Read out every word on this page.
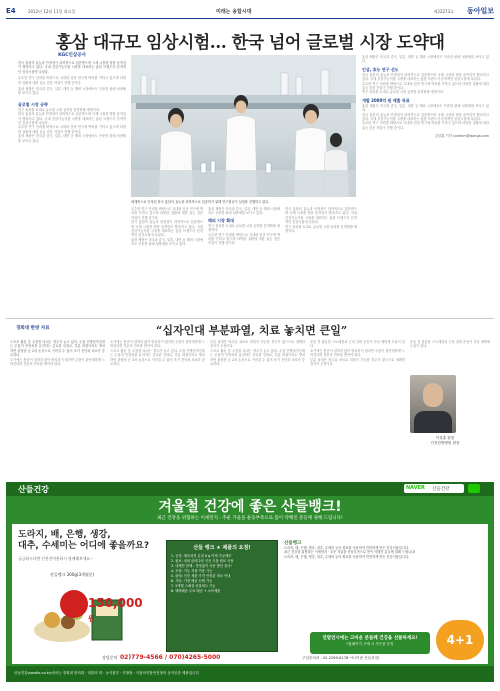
E4	2012년 12월 11일 화요일	미래는 융합시대	제22273호 동아일보
홍삼 대규모 임상시험… 한국 넘어 글로벌 시장 도약대
KGC인삼공사
한국 홍삼의 효능과 안정성이 과학적으로 입증받으며 국제 시장을 향한 움직임이 빨라지고 있다. 국내 건강기능식품 시장을 대표하는 홍삼 브랜드가 본격적인 임상시험에 나섰다.
우수한 연구 인력을 바탕으로 국내외 임상 연구에 박차를 가하고 있으며 다양한 질환에 대한 효능 검증 작업이 진행 중이다.
홍삼 제품은 미국과 중국, 일본, 대만 등 해외 시장에서도 꾸준한 판매 성장세를 보이고 있다.
글로벌 시장 공략
연구 성과를 토대로 글로벌 시장 공략을 본격화할 예정이다.
한국 홍삼의 효능과 안정성이 과학적으로 입증받으며 국제 시장을 향한 움직임이 빨라지고 있다. 국내 건강기능식품 시장을 대표하는 홍삼 브랜드가 본격적인 임상시험에 나섰다.
우수한 연구 인력을 바탕으로 국내외 임상 연구에 박차를 가하고 있으며 다양한 질환에 대한 효능 검증 작업이 진행 중이다.
홍삼 제품은 미국과 중국, 일본, 대만 등 해외 시장에서도 꾸준한 판매 성장세를 보이고 있다.
세계적으로 인정된 한국 홍삼의 효능을 과학적으로 입증하기 위해 연구원들이 실험을 진행하고 있다.
우수한 연구 인력을 바탕으로 국내외 임상 연구에 박차를 가하고 있으며 다양한 질환에 대한 효능 검증 작업이 진행 중이다.
한국 홍삼의 효능과 안정성이 과학적으로 입증받으며 국제 시장을 향한 움직임이 빨라지고 있다. 국내 건강기능식품 시장을 대표하는 홍삼 브랜드가 본격적인 임상시험에 나섰다.
홍삼 제품은 미국과 중국, 일본, 대만 등 해외 시장에서도 꾸준한 판매 성장세를 보이고 있다.
홍삼 제품은 미국과 중국, 일본, 대만 등 해외 시장에서도 꾸준한 판매 성장세를 보이고 있다.
해외 시장 확대
연구 성과를 토대로 글로벌 시장 공략을 본격화할 예정이다.
우수한 연구 인력을 바탕으로 국내외 임상 연구에 박차를 가하고 있으며 다양한 질환에 대한 효능 검증 작업이 진행 중이다.
한국 홍삼의 효능과 안정성이 과학적으로 입증받으며 국제 시장을 향한 움직임이 빨라지고 있다. 국내 건강기능식품 시장을 대표하는 홍삼 브랜드가 본격적인 임상시험에 나섰다.
연구 성과를 토대로 글로벌 시장 공략을 본격화할 예정이다.
홍삼 제품은 미국과 중국, 일본, 대만 등 해외 시장에서도 꾸준한 판매 성장세를 보이고 있다.
인삼, 효능 연구 선도
한국 홍삼의 효능과 안정성이 과학적으로 입증받으며 국제 시장을 향한 움직임이 빨라지고 있다. 국내 건강기능식품 시장을 대표하는 홍삼 브랜드가 본격적인 임상시험에 나섰다.
우수한 연구 인력을 바탕으로 국내외 임상 연구에 박차를 가하고 있으며 다양한 질환에 대한 효능 검증 작업이 진행 중이다.
연구 성과를 토대로 글로벌 시장 공략을 본격화할 예정이다.
개발 2000억 원 매출 목표
홍삼 제품은 미국과 중국, 일본, 대만 등 해외 시장에서도 꾸준한 판매 성장세를 보이고 있다.
한국 홍삼의 효능과 안정성이 과학적으로 입증받으며 국제 시장을 향한 움직임이 빨라지고 있다. 국내 건강기능식품 시장을 대표하는 홍삼 브랜드가 본격적인 임상시험에 나섰다.
우수한 연구 인력을 바탕으로 국내외 임상 연구에 박차를 가하고 있으며 다양한 질환에 대한 효능 검증 작업이 진행 중이다.
김상훈 기자 corekim@donga.com
경희대 한방 자료	“십자인대 부분파열, 치료 놓치면 큰일”
스포츠 활동 중 무릎을 다치는 경우가 늘고 있다. 무릎 전방십자인대는 무릎의 안정성을 유지하는 중요한 인대로, 부분 파열이라도 방치하면 관절염 등 2차 손상으로 이어질 수 있어 조기 진단과 치료가 중요하다.
초기에는 통증이 심하지 않아 방치하기 쉽지만 무릎이 불안정하게 느껴진다면 전문의 진료를 받아야 한다.
초기에는 통증이 심하지 않아 방치하기 쉽지만 무릎이 불안정하게 느껴진다면 전문의 진료를 받아야 한다.
스포츠 활동 중 무릎을 다치는 경우가 늘고 있다. 무릎 전방십자인대는 무릎의 안정성을 유지하는 중요한 인대로, 부분 파열이라도 방치하면 관절염 등 2차 손상으로 이어질 수 있어 조기 진단과 치료가 중요하다.
부분 파열은 비수술 치료로 회복이 가능한 경우가 많으므로 정확한 검사가 우선이다.
스포츠 활동 중 무릎을 다치는 경우가 늘고 있다. 무릎 전방십자인대는 무릎의 안정성을 유지하는 중요한 인대로, 부분 파열이라도 방치하면 관절염 등 2차 손상으로 이어질 수 있어 조기 진단과 치료가 중요하다.
운동 전 충분한 스트레칭과 근력 강화 운동이 부상 예방에 도움이 된다.
초기에는 통증이 심하지 않아 방치하기 쉽지만 무릎이 불안정하게 느껴진다면 전문의 진료를 받아야 한다.
부분 파열은 비수술 치료로 회복이 가능한 경우가 많으므로 정확한 검사가 우선이다.
운동 전 충분한 스트레칭과 근력 강화 운동이 부상 예방에 도움이 된다.
이상훈 원장
인천한방병원 원장
산들건강	NAVER 산들건강
겨울철 건강에 좋은 산들뱅크!
최근 건강을 위협하는 이세먼지 · 추운 겨울을 운동부족으로 몸이 약해진 분들께 권해 드립니다!
도라지, 배, 은행, 생강,
대추, 수세미는 어디에 좋을까요?
궁금하시다면 인진진이용하시 함께해보세요~
산들뱅크 300g(3개월분)
150,000원
산들 뱅크 ★ 제품의 요점!
1. 공정: 제조과정 분말 0 g 이제 가공제조
2. 원료: 내외 판매 2차 인증 식품 원료 사용
3. 대제안 함께 : 경영없이 사용 방안 검사!
4. 포장: 가능 저품 이용 가능
5. 판매: 인증 제품 가격 안정된 정보 안내
6. 기타: 가정 배송 선택 가능
7. 5개월 스페셜 선물세트 가능
8. 택배배송 무료 배송 + 소독제품
산들뱅크
도라지, 배, 은행, 생강, 대추, 수세미 등의 원료를 사용하여 깐깐하게 만든 건강식품입니다.
최근 건강을 위협하는 이세먼지 · 추운 겨울을 운동부족으로 몸이 약해진 분들께 권해 드립니다!
도라지, 배, 은행, 생강, 대추, 수세미 등의 원료를 사용하여 깐깐하게 만든 건강식품입니다.
연말연시에는 고마운 분들께 건강을 선물하세요!
*홈페이지 구매 시 사은품 증정	4+1
상담문의 02)779-4566 / 070)4265-5000	구입문의처 : 02-2269-6178~9 (이런 산들건강)
산들건강(sandle.co.kr)에서는 경희대 한의대 · 대한의 대 · 농식품부 · 지방장 · 식품의약품안전청의 공식인증 제품입니다
